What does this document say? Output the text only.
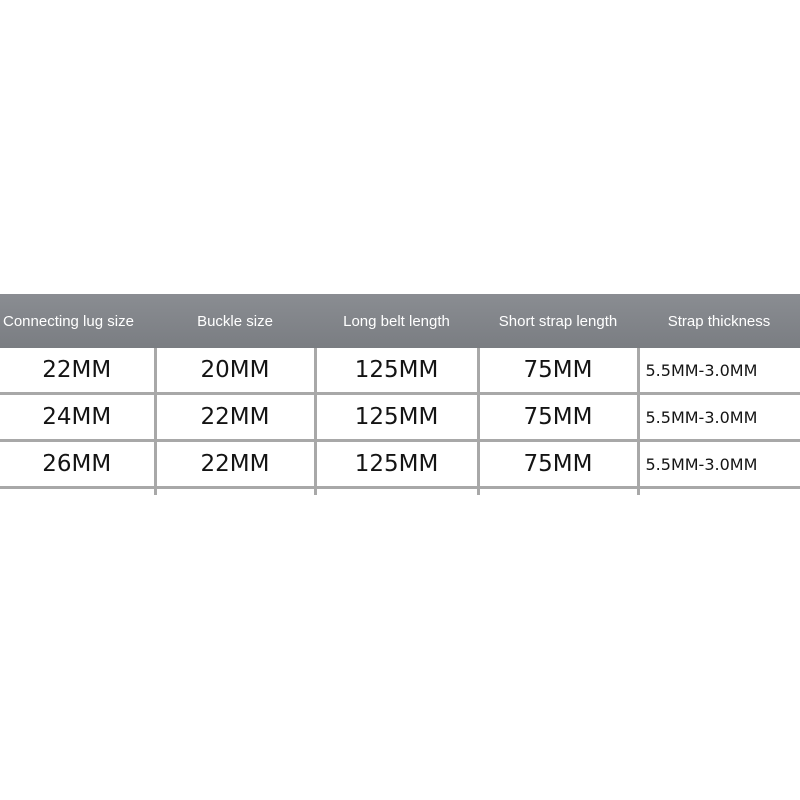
Connecting lug size	Buckle size	Long belt length	Short strap length	Strap thickness
22MM	20MM	125MM	75MM	5.5MM-3.0MM
24MM	22MM	125MM	75MM	5.5MM-3.0MM
26MM	22MM	125MM	75MM	5.5MM-3.0MM
